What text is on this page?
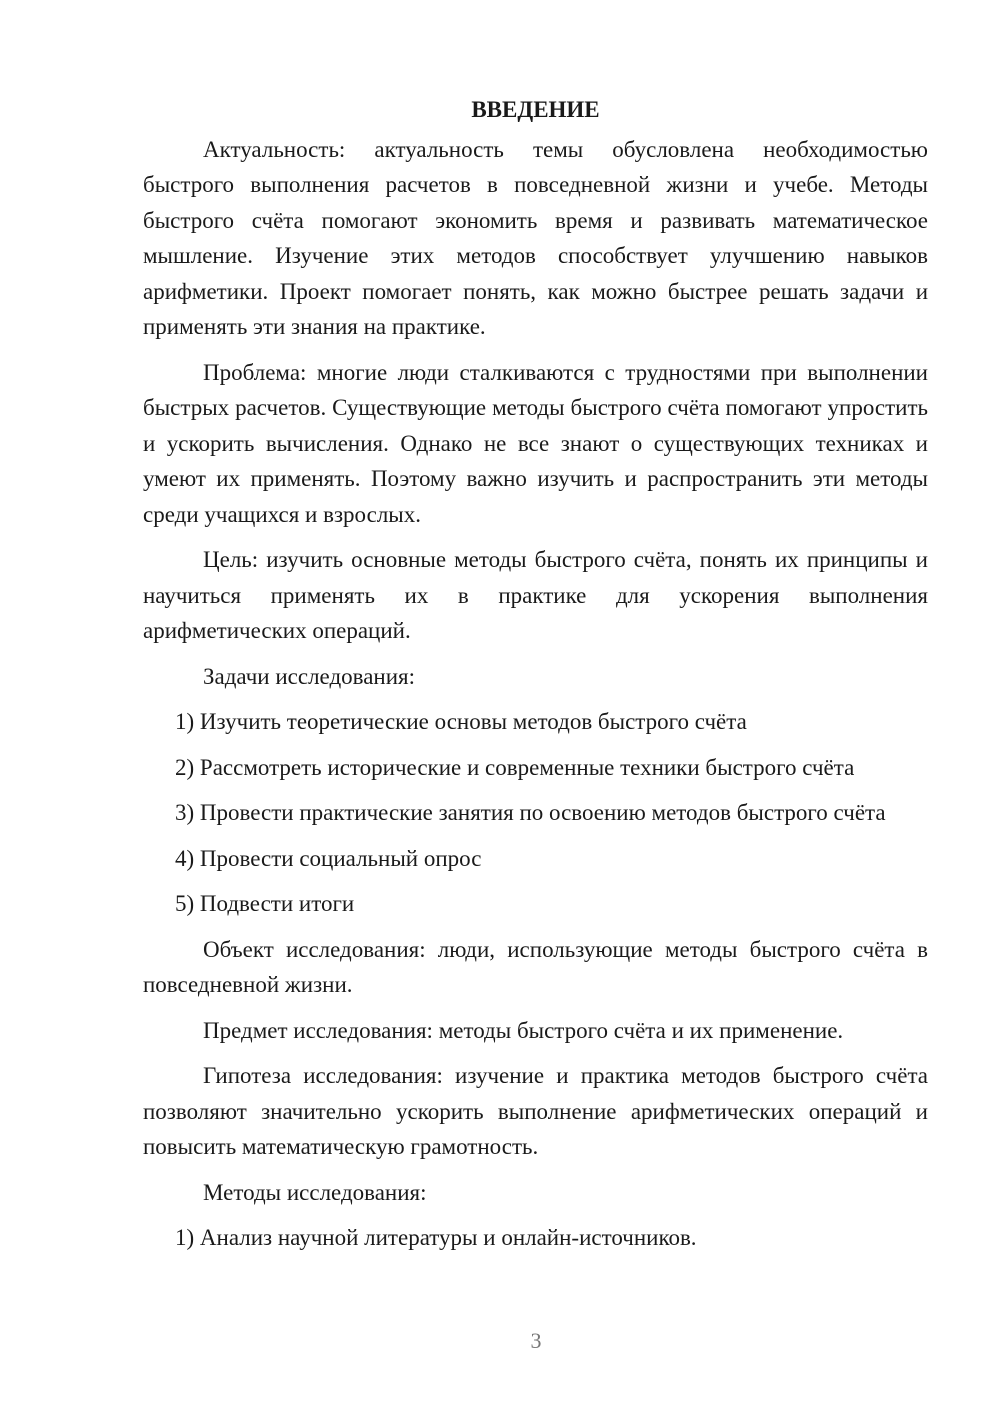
ВВЕДЕНИЕ

Актуальность: актуальность темы обусловлена необходимостью быстрого выполнения расчетов в повседневной жизни и учебе. Методы быстрого счёта помогают экономить время и развивать математическое мышление. Изучение этих методов способствует улучшению навыков арифметики. Проект помогает понять, как можно быстрее решать задачи и применять эти знания на практике.

Проблема: многие люди сталкиваются с трудностями при выполнении быстрых расчетов. Существующие методы быстрого счёта помогают упростить и ускорить вычисления. Однако не все знают о существующих техниках и умеют их применять. Поэтому важно изучить и распространить эти методы среди учащихся и взрослых.

Цель: изучить основные методы быстрого счёта, понять их принципы и научиться применять их в практике для ускорения выполнения арифметических операций.

Задачи исследования:

1) Изучить теоретические основы методов быстрого счёта

2) Рассмотреть исторические и современные техники быстрого счёта

3) Провести практические занятия по освоению методов быстрого счёта

4) Провести социальный опрос

5) Подвести итоги

Объект исследования: люди, использующие методы быстрого счёта в повседневной жизни.

Предмет исследования: методы быстрого счёта и их применение.

Гипотеза исследования: изучение и практика методов быстрого счёта позволяют значительно ускорить выполнение арифметических операций и повысить математическую грамотность.

Методы исследования:

1) Анализ научной литературы и онлайн-источников.

3
